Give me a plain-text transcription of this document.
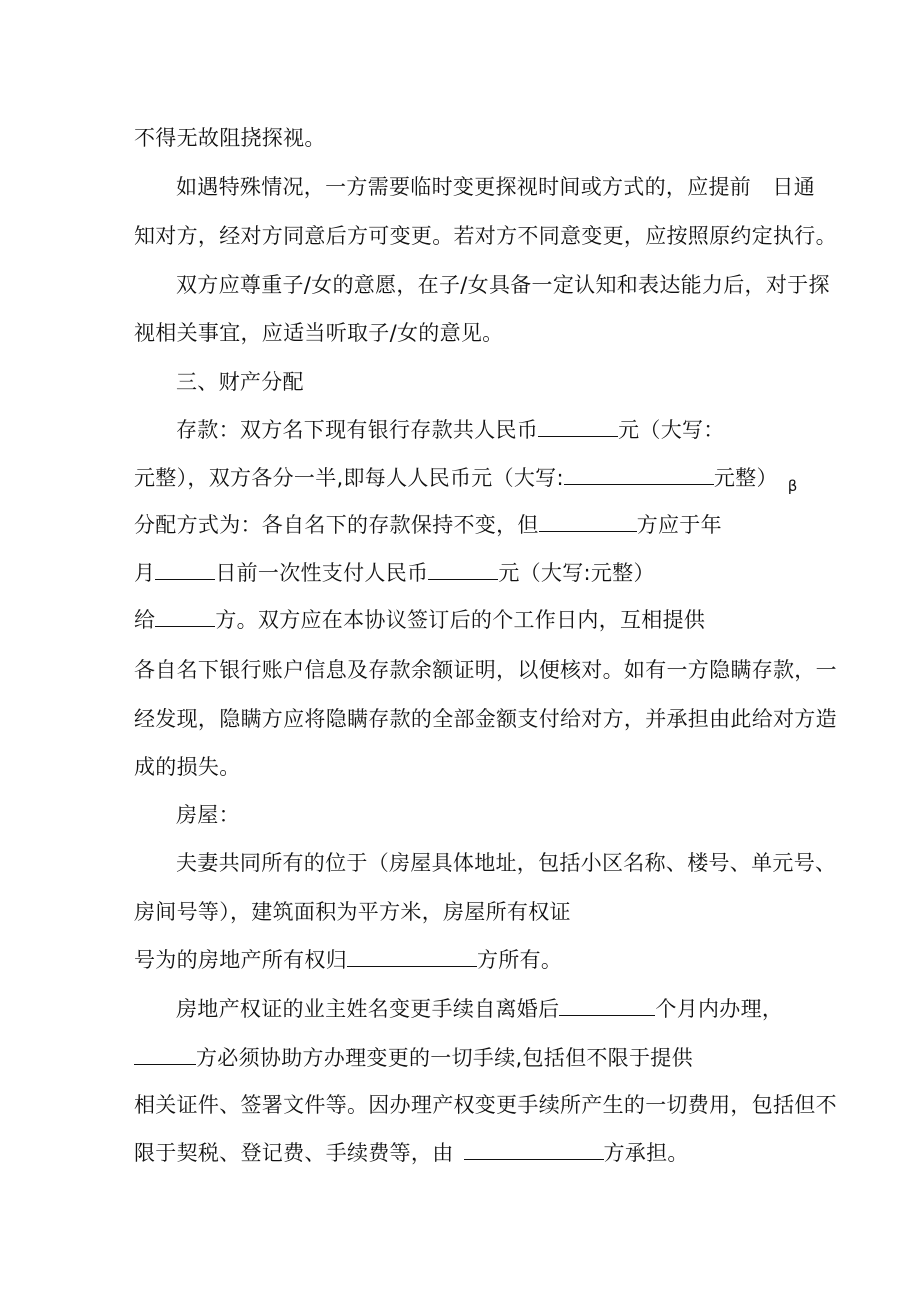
不得无故阻挠探视。
如遇特殊情况，一方需要临时变更探视时间或方式的，应提前　日通
知对方，经对方同意后方可变更。若对方不同意变更，应按照原约定执行。
双方应尊重子/女的意愿，在子/女具备一定认知和表达能力后，对于探
视相关事宜，应适当听取子/女的意见。
三、财产分配
存款：双方名下现有银行存款共人民币	元（大写：
元整），双方各分一半,即每人人民币元（大写:	元整） $_\beta$
分配方式为：各自名下的存款保持不变，但	方应于年
月	日前一次性支付人民币	元（大写:元整）
给	方。双方应在本协议签订后的个工作日内，互相提供
各自名下银行账户信息及存款余额证明，以便核对。如有一方隐瞒存款，一
经发现，隐瞒方应将隐瞒存款的全部金额支付给对方，并承担由此给对方造
成的损失。
房屋：
夫妻共同所有的位于（房屋具体地址，包括小区名称、楼号、单元号、
房间号等），建筑面积为平方米，房屋所有权证
号为的房地产所有权归	方所有。
房地产权证的业主姓名变更手续自离婚后	个月内办理，
方必须协助方办理变更的一切手续,包括但不限于提供
相关证件、签署文件等。因办理产权变更手续所产生的一切费用，包括但不
限于契税、登记费、手续费等，由	方承担。
